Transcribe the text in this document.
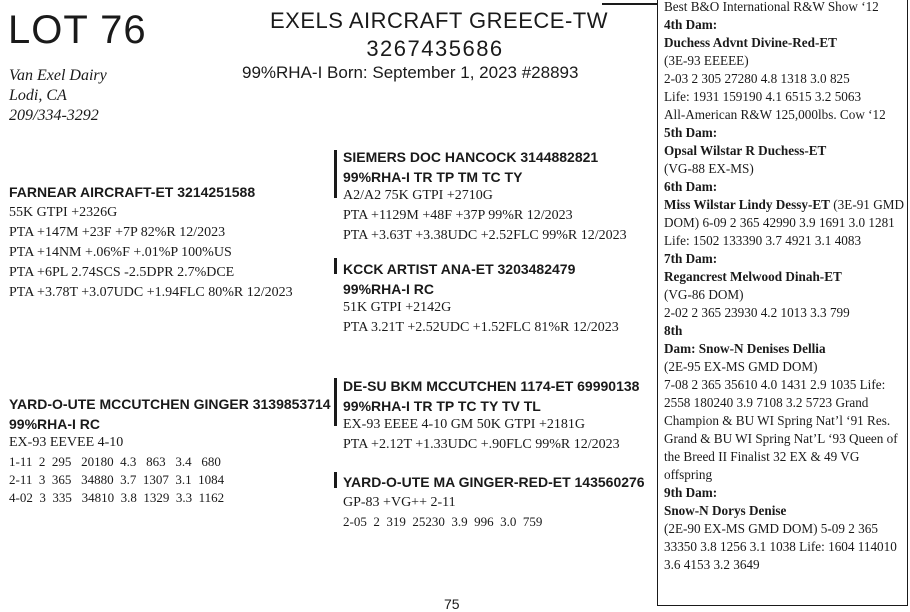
LOT 76
Van Exel Dairy
Lodi, CA
209/334-3292
EXELS AIRCRAFT GREECE-TW
3267435686
99%RHA-I Born: September 1, 2023 #28893
FARNEAR AIRCRAFT-ET 3214251588
55K GTPI +2326G
PTA +147M +23F +7P 82%R 12/2023
PTA +14NM +.06%F +.01%P 100%US
PTA +6PL 2.74SCS -2.5DPR 2.7%DCE
PTA +3.78T +3.07UDC +1.94FLC 80%R 12/2023
SIEMERS DOC HANCOCK 3144882821
99%RHA-I TR TP TM TC TY
A2/A2 75K GTPI +2710G
PTA +1129M +48F +37P 99%R 12/2023
PTA +3.63T +3.38UDC +2.52FLC 99%R 12/2023
KCCK ARTIST ANA-ET 3203482479
99%RHA-I RC
51K GTPI +2142G
PTA 3.21T +2.52UDC +1.52FLC 81%R 12/2023
YARD-O-UTE MCCUTCHEN GINGER 3139853714
99%RHA-I RC
EX-93 EEVEE 4-10
1-11  2  295   20180  4.3   863   3.4   680
2-11  3  365   34880  3.7  1307  3.1  1084
4-02  3  335   34810  3.8  1329  3.3  1162
DE-SU BKM MCCUTCHEN 1174-ET 69990138
99%RHA-I TR TP TC TY TV TL
EX-93 EEEE 4-10 GM 50K GTPI +2181G
PTA +2.12T +1.33UDC +.90FLC 99%R 12/2023
YARD-O-UTE MA GINGER-RED-ET 143560276
GP-83 +VG++ 2-11
2-05  2  319  25230  3.9  996  3.0  759

Best B&O International R&W Show ‘12

4th Dam:

Duchess Advnt Divine-Red-ET

(3E-93 EEEEE)

2-03 2 305 27280 4.8 1318 3.0 825

Life: 1931 159190 4.1 6515 3.2 5063

All-American R&W 125,000lbs. Cow ‘12

5th Dam:

Opsal Wilstar R Duchess-ET

(VG-88 EX-MS)

6th Dam:

Miss Wilstar Lindy Dessy-ET (3E-91 GMD DOM) 6-09 2 365 42990 3.9 1691 3.0 1281 Life: 1502 133390 3.7 4921 3.1 4083

7th Dam:

Regancrest Melwood Dinah-ET

(VG-86 DOM)

2-02 2 365 23930 4.2 1013 3.3 799

8th

Dam: Snow-N Denises Dellia

(2E-95 EX-MS GMD DOM)

7-08 2 365 35610 4.0 1431 2.9 1035 Life: 2558 180240 3.9 7108 3.2 5723 Grand Champion & BU WI Spring Nat’l ‘91 Res. Grand & BU WI Spring Nat’L ‘93 Queen of the Breed II Finalist 32 EX & 49 VG offspring

9th Dam:

Snow-N Dorys Denise

(2E-90 EX-MS GMD DOM) 5-09 2 365 33350 3.8 1256 3.1 1038 Life: 1604 114010 3.6 4153 3.2 3649

75
